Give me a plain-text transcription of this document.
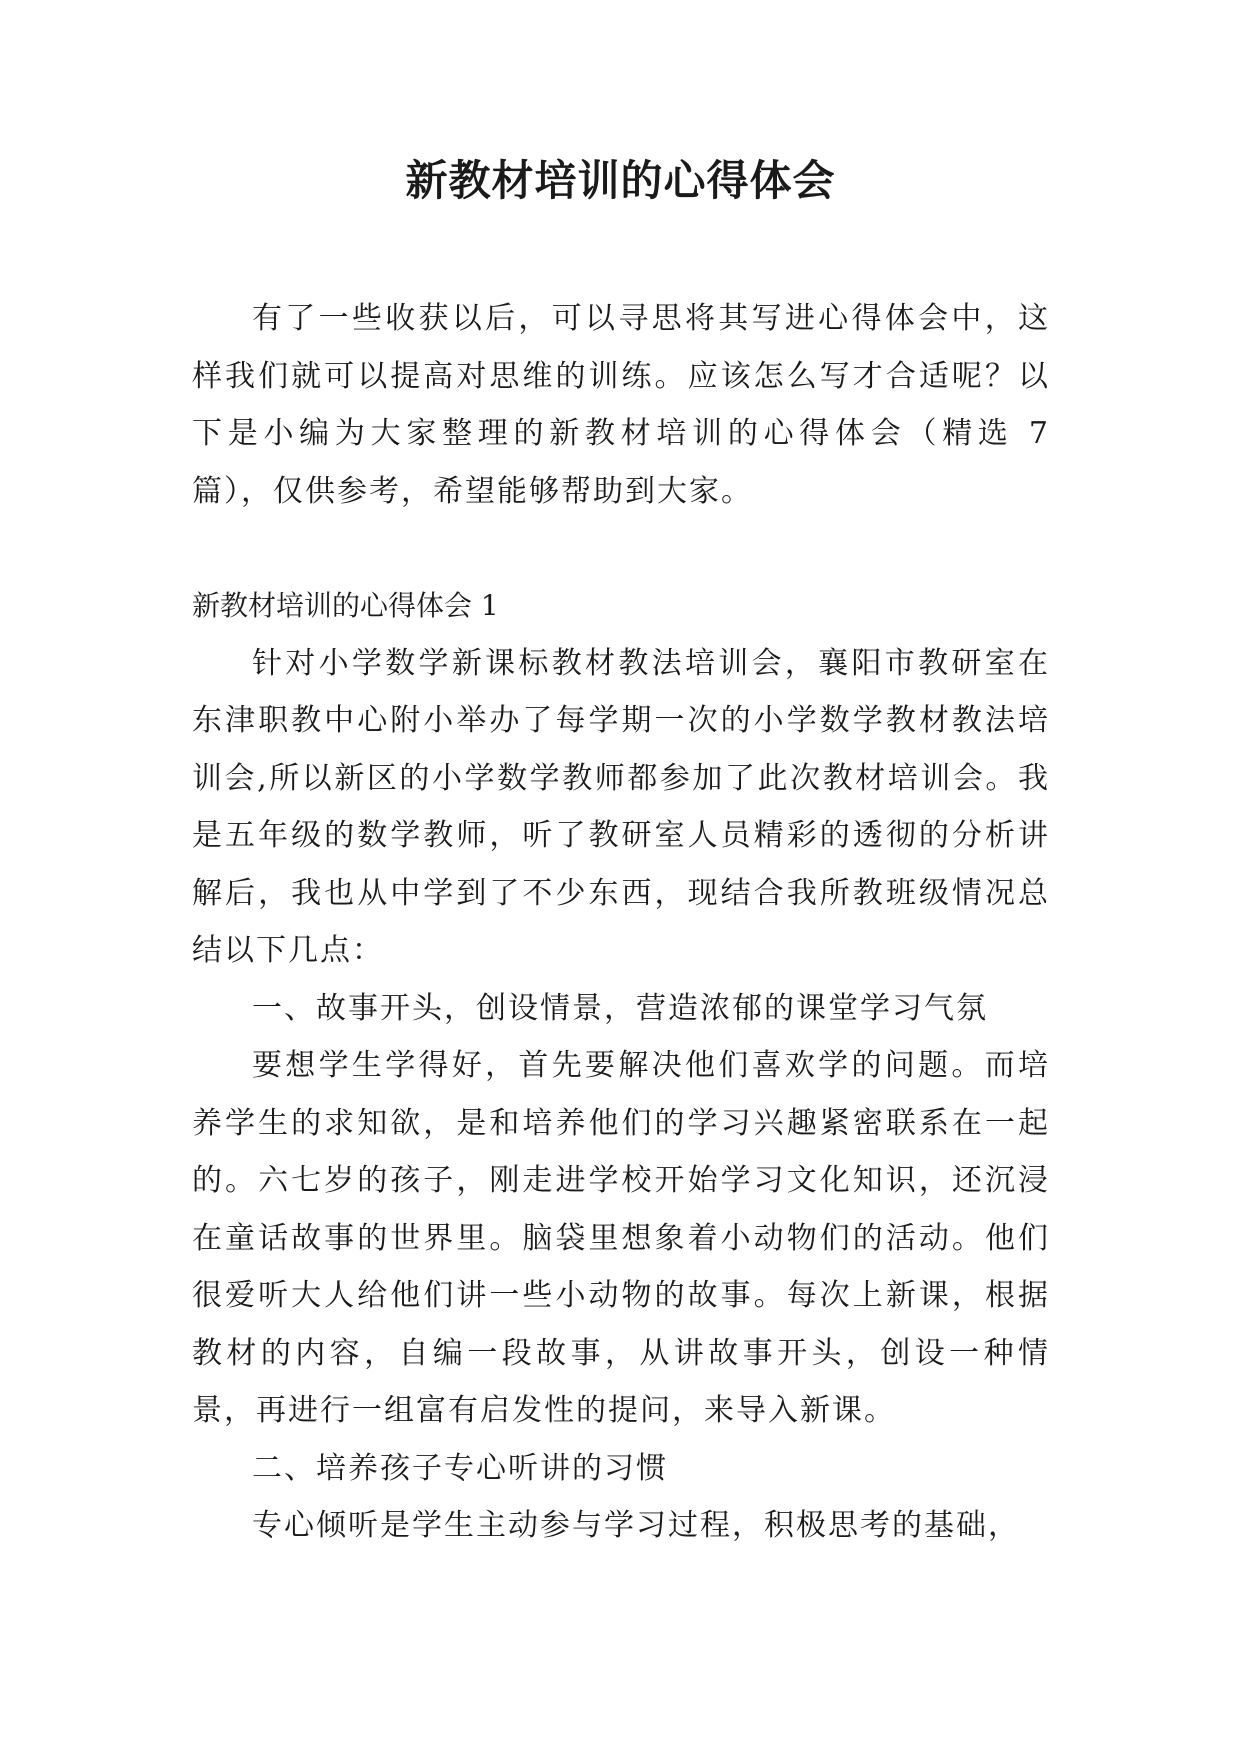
新教材培训的心得体会

有了一些收获以后，可以寻思将其写进心得体会中，这样我们就可以提高对思维的训练。应该怎么写才合适呢？以下是小编为大家整理的新教材培训的心得体会（精选 7 篇），仅供参考，希望能够帮助到大家。

新教材培训的心得体会 1

针对小学数学新课标教材教法培训会，襄阳市教研室在东津职教中心附小举办了每学期一次的小学数学教材教法培训会,所以新区的小学数学教师都参加了此次教材培训会。我是五年级的数学教师，听了教研室人员精彩的透彻的分析讲解后，我也从中学到了不少东西，现结合我所教班级情况总结以下几点：

一、故事开头，创设情景，营造浓郁的课堂学习气氛

要想学生学得好，首先要解决他们喜欢学的问题。而培养学生的求知欲，是和培养他们的学习兴趣紧密联系在一起的。六七岁的孩子，刚走进学校开始学习文化知识，还沉浸在童话故事的世界里。脑袋里想象着小动物们的活动。他们很爱听大人给他们讲一些小动物的故事。每次上新课，根据教材的内容，自编一段故事，从讲故事开头，创设一种情景，再进行一组富有启发性的提问，来导入新课。

二、培养孩子专心听讲的习惯

专心倾听是学生主动参与学习过程，积极思考的基础，
